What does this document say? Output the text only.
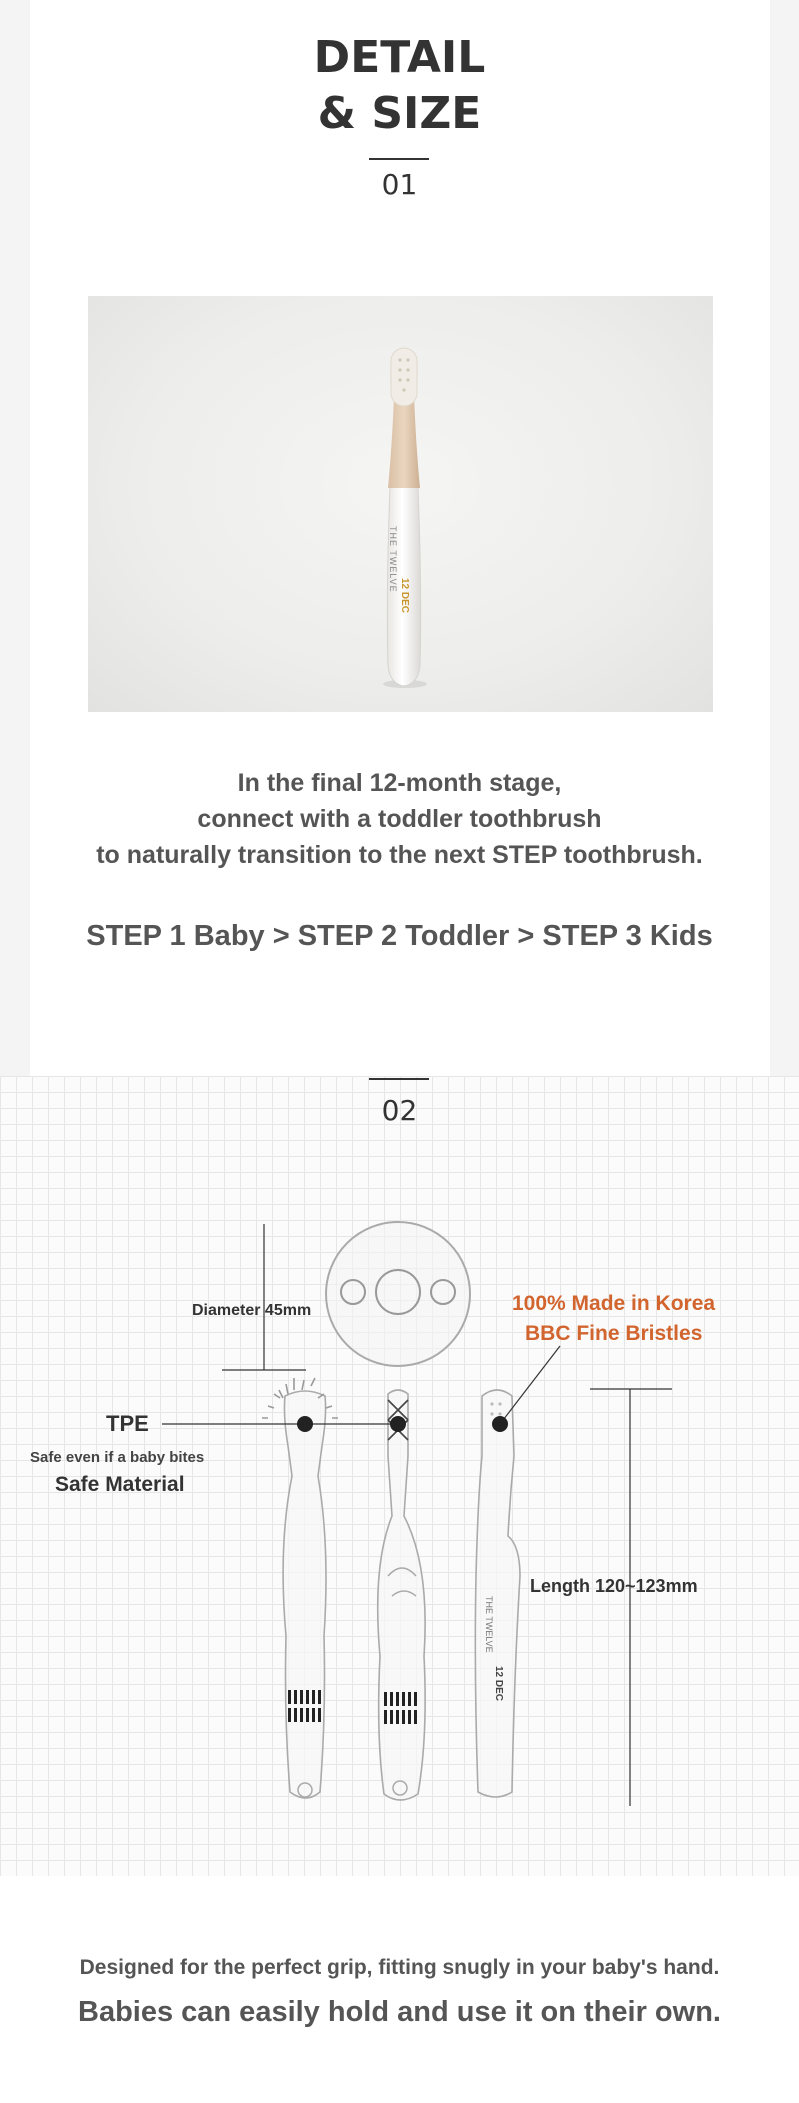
DETAIL
& SIZE
01
THE TWELVE
12 DEC
In the final 12-month stage,
connect with a toddler toothbrush
to naturally transition to the next STEP toothbrush.
STEP 1 Baby > STEP 2 Toddler > STEP 3 Kids
02
Diameter 45mm	100% Made in Korea
BBC Fine Bristles
TPE
Safe even if a baby bites
Safe Material
Length 120~123mm
THE TWELVE
12 DEC
Designed for the perfect grip, fitting snugly in your baby's hand.
Babies can easily hold and use it on their own.
